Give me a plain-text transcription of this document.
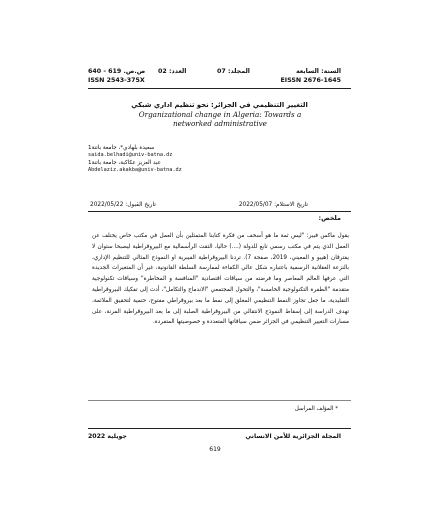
السنة: السابعة
المجلد: 07
العدد: 02
ص.ص. 619 - 640
EISSN 2676-1645
ISSN 2543-375X
التغيير التنظيمي في الجزائر: نحو تنظيم اداري شبكي
Organizational change in Algeria: Towards a networked administrative
سعيدة بلهادي*، جامعة باتنة1
saida.belhadi@univ-batna.dz
عبد العزيز عكاكبة، جامعة باتنة1
Abdelaziz.akakba@univ-batna.dz
تاريخ الاستلام: 2022/05/07
تاريخ القبول: 2022/05/22
ملخص:

يقول ماكس فيبر: "ليس ثمة ما هو أسخف من فكرة كتابنا المتمثلين بأن العمل في مكتب خاص يختلف عن العمل الذي يتم في مكتب رسمي تابع للدولة (....) حاليا، التقت الرأسمالية مع البيروقراطية ليصبحا ستوان لا يفترقان (هيبو و المعيني، 2019، صفحة 7). تردنا البيروقراطية الفيبرية او النموذج المثالي للتنظيم الإداري، بالنزعة العقلانية الرسمية باعتباره شكل عالي الكفاءة لممارسة السلطة القانونية، غير أن المتغيرات الجديدة التي عرفها العالم المعاصر وما فرضته من سياقات اقتصادية "المنافسة و المخاطرة" وسياقات تكنولوجية متقدمة "الطفرة التكنولوجية الخامسة"، والتحول المجتمعي "الاندماج والتكامل"، أدت إلى تفكيك البيروقراطية التقليدية، ما جعل تجاوز النمط التنظيمي المغلق إلى نمط ما بعد بيروقراطي مفتوح، حتمية لتحقيق الملائمة، تهدف الدراسة إلى إسقاط النموذج الانتقالي من البيروقراطية الصلبة إلى ما بعد البيروقراطية المرنة، على مسارات التغيير التنظيمي في الجزائر ضمن سياقاتها المتعددة و خصوصيتها المتفردة.

* المؤلف المراسل
المجلة الجزائرية للأمن الانساني
جويلية 2022
619
